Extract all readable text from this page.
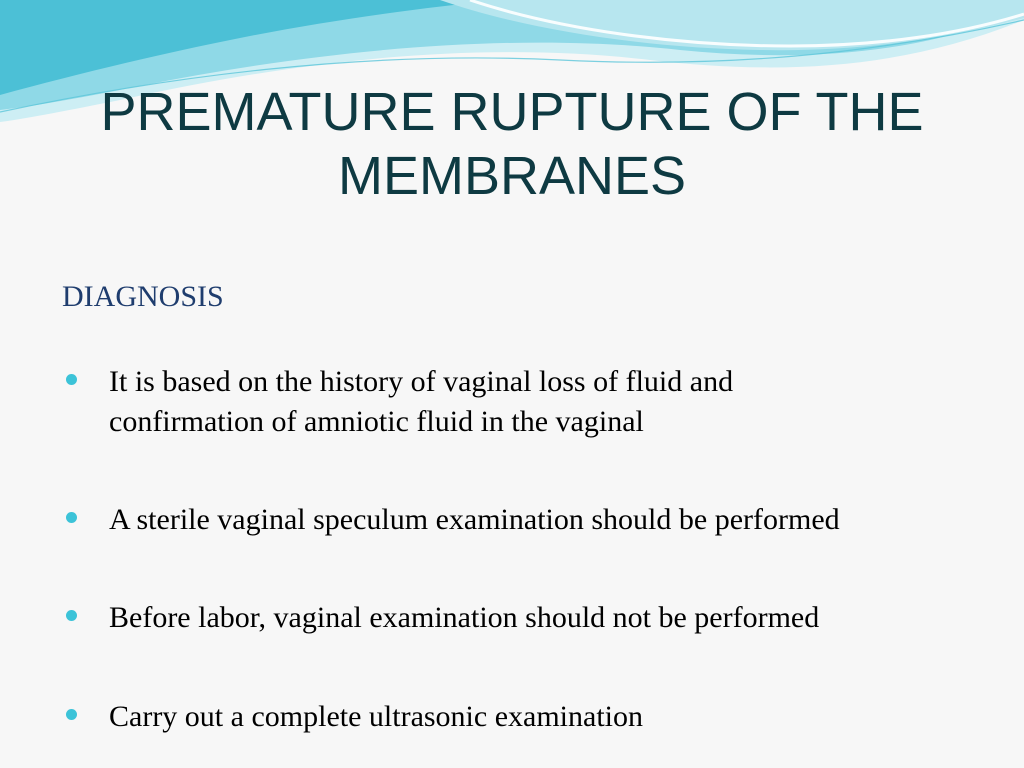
PREMATURE RUPTURE OF THE
MEMBRANES
DIAGNOSIS
It is based on the history of vaginal loss of fluid and
confirmation of amniotic fluid in the vaginal
A sterile vaginal speculum examination should be performed
Before labor, vaginal examination should not be performed
Carry out a complete ultrasonic examination
